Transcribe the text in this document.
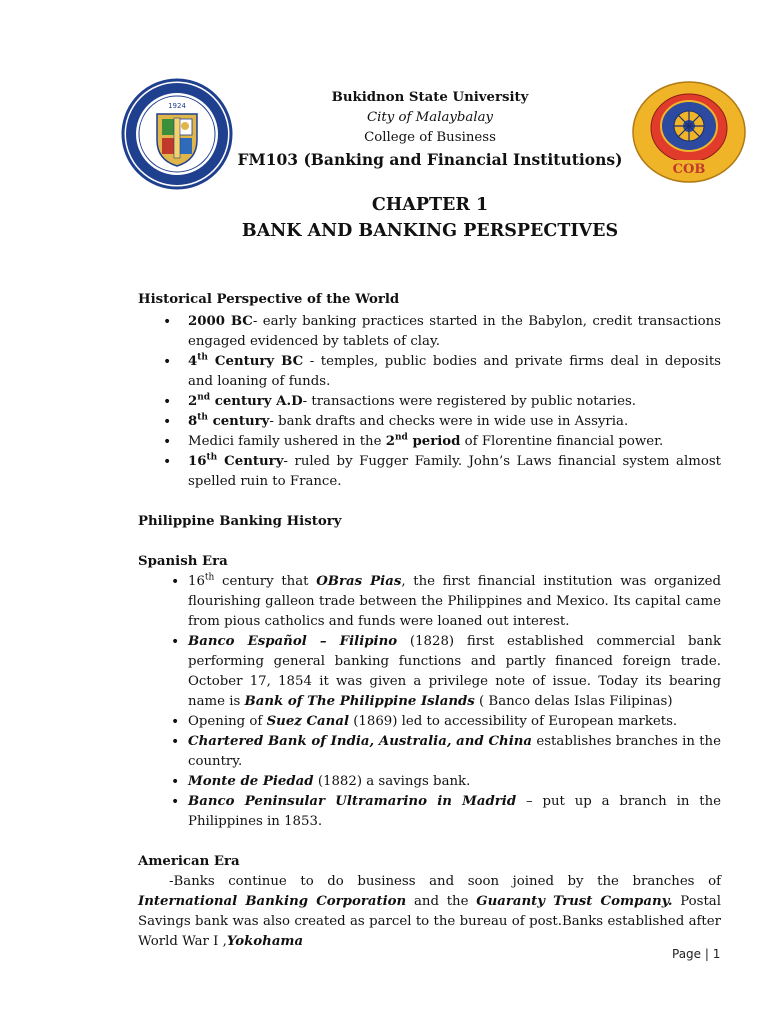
1924
COB
Bukidnon State University
City of Malaybalay
College of Business
FM103 (Banking and Financial Institutions)
CHAPTER 1
BANK AND BANKING PERSPECTIVES
Historical Perspective of the World
• 2000 BC- early banking practices started in the Babylon, credit transactions engaged evidenced by tablets of clay.
• 4th Century BC - temples, public bodies and private firms deal in deposits and loaning of funds.
• 2nd century A.D- transactions were registered by public notaries.
• 8th century- bank drafts and checks were in wide use in Assyria.
• Medici family ushered in the 2nd period of Florentine financial power.
• 16th Century- ruled by Fugger Family. John’s Laws financial system almost spelled ruin to France.
Philippine Banking History
Spanish Era
• 16th century that OBras Pias, the first financial institution was organized flourishing galleon trade between the Philippines and Mexico. Its capital came from pious catholics and funds were loaned out interest.
• Banco Español – Filipino (1828) first established commercial bank performing general banking functions and partly financed foreign trade. October 17, 1854 it was given a privilege note of issue. Today its bearing name is Bank of The Philippine Islands ( Banco delas Islas Filipinas)
• Opening of Suez Canal (1869) led to accessibility of European markets.
• Chartered Bank of India, Australia, and China establishes branches in the country.
• Monte de Piedad (1882) a savings bank.
• Banco Peninsular Ultramarino in Madrid – put up a branch in the Philippines in 1853.
American Era

-Banks continue to do business and soon joined by the branches of International Banking Corporation and the Guaranty Trust Company. Postal Savings bank was also created as parcel to the bureau of post.Banks established after World War I ,Yokohama

Page | 1
